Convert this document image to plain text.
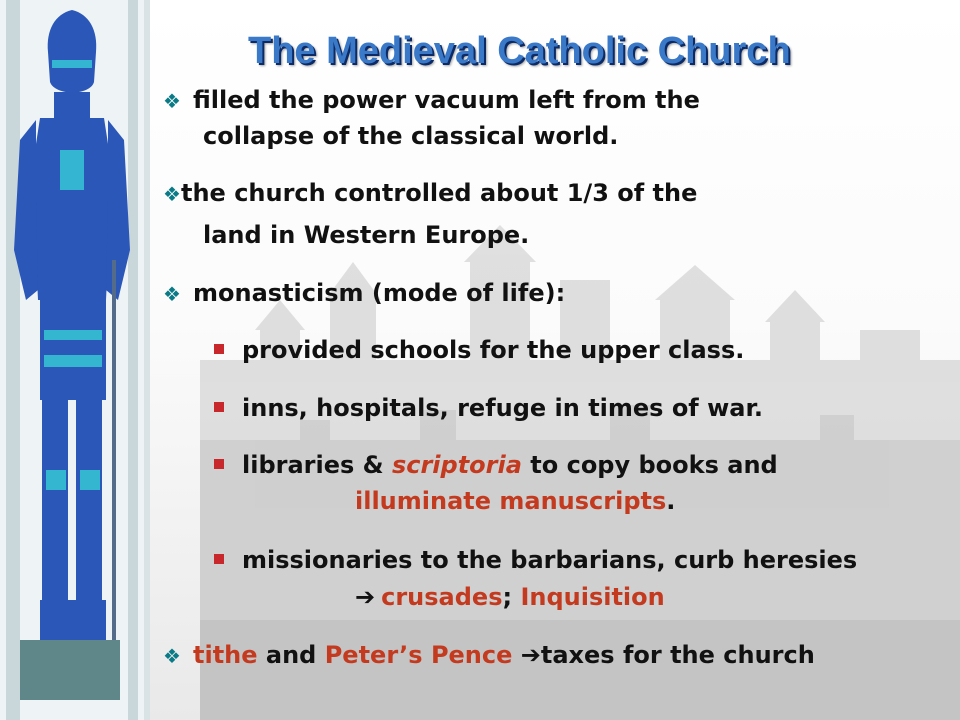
The Medieval Catholic Church

❖ filled the power vacuum left from the

collapse of the classical world.

❖the church controlled about 1/3 of the

land in Western Europe.

❖ monasticism (mode of life):

provided schools for the upper class.

inns, hospitals, refuge in times of war.

libraries & scriptoria to copy books and

illuminate manuscripts.

missionaries to the barbarians, curb heresies

➔ crusades; Inquisition

❖ tithe and Peter’s Pence ➔taxes for the church
